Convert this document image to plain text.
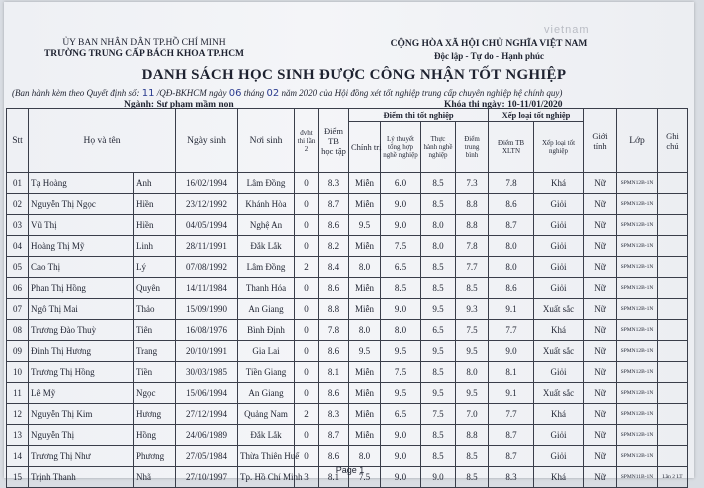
vietnam
ỦY BAN NHÂN DÂN TP.HỒ CHÍ MINH
TRƯỜNG TRUNG CẤP BÁCH KHOA TP.HCM
CỘNG HÒA XÃ HỘI CHỦ NGHĨA VIỆT NAM
Độc lập - Tự do - Hạnh phúc
DANH SÁCH HỌC SINH ĐƯỢC CÔNG NHẬN TỐT NGHIỆP
(Ban hành kèm theo Quyết định số: 11 /QĐ-BKHCM ngày 06 tháng 02 năm 2020 của Hội đồng xét tốt nghiệp trung cấp chuyên nghiệp hệ chính quy)
Ngành: Sư phạm mầm non	Khóa thi ngày: 10-11/01/2020
Stt	Họ và tên		Ngày sinh	Nơi sinh	đvht thi lần 2	Điểm TB học tập	Điểm thi tốt nghiệp				Xếp loại tốt nghiệp		Giới tính	Lớp	Ghi chú
							Chính trị	Lý thuyết tổng hợp nghề nghiệp	Thực hành nghề nghiệp	Điểm trung bình	Điểm TB XLTN	Xếp loại tốt nghiệp			
01	Tạ Hoàng	Anh	16/02/1994	Lâm Đồng	0	8.3	Miễn	6.0	8.5	7.3	7.8	Khá	Nữ	SPMN12B-1N	
02	Nguyễn Thị Ngọc	Hiền	23/12/1992	Khánh Hòa	0	8.7	Miễn	9.0	8.5	8.8	8.6	Giỏi	Nữ	SPMN12B-1N	
03	Vũ Thị	Hiền	04/05/1994	Nghệ An	0	8.6	9.5	9.0	8.0	8.8	8.7	Giỏi	Nữ	SPMN12B-1N	
04	Hoàng Thị Mỹ	Linh	28/11/1991	Đắk Lắk	0	8.2	Miễn	7.5	8.0	7.8	8.0	Giỏi	Nữ	SPMN12B-1N	
05	Cao Thị	Lý	07/08/1992	Lâm Đồng	2	8.4	8.0	6.5	8.5	7.7	8.0	Giỏi	Nữ	SPMN12B-1N	
06	Phan Thị Hồng	Quyên	14/11/1984	Thanh Hóa	0	8.6	Miễn	8.5	8.5	8.5	8.6	Giỏi	Nữ	SPMN12B-1N	
07	Ngô Thị Mai	Thảo	15/09/1990	An Giang	0	8.8	Miễn	9.0	9.5	9.3	9.1	Xuất sắc	Nữ	SPMN12B-1N	
08	Trương Đào Thuỳ	Tiên	16/08/1976	Bình Định	0	7.8	8.0	8.0	6.5	7.5	7.7	Khá	Nữ	SPMN12B-1N	
09	Đinh Thị Hương	Trang	20/10/1991	Gia Lai	0	8.6	9.5	9.5	9.5	9.5	9.0	Xuất sắc	Nữ	SPMN12B-1N	
10	Trương Thị Hồng	Tiền	30/03/1985	Tiền Giang	0	8.1	Miễn	7.5	8.5	8.0	8.1	Giỏi	Nữ	SPMN12B-1N	
11	Lê Mỹ	Ngọc	15/06/1994	An Giang	0	8.6	Miễn	9.5	9.5	9.5	9.1	Xuất sắc	Nữ	SPMN12B-1N	
12	Nguyễn Thị Kim	Hương	27/12/1994	Quảng Nam	2	8.3	Miễn	6.5	7.5	7.0	7.7	Khá	Nữ	SPMN12B-1N	
13	Nguyễn Thị	Hồng	24/06/1989	Đắk Lắk	0	8.7	Miễn	9.0	8.5	8.8	8.7	Giỏi	Nữ	SPMN12B-1N	
14	Trương Thị Như	Phương	27/05/1984	Thừa Thiên Huế	0	8.6	8.0	9.0	8.5	8.5	8.7	Giỏi	Nữ	SPMN12B-1N	
15	Trịnh Thanh	Nhã	27/10/1997	Tp. Hồ Chí Minh	3	8.1	7.5	9.0	9.0	8.5	8.3	Khá	Nữ	SPMN11B-1N	Lần 2 LT
Page 1
